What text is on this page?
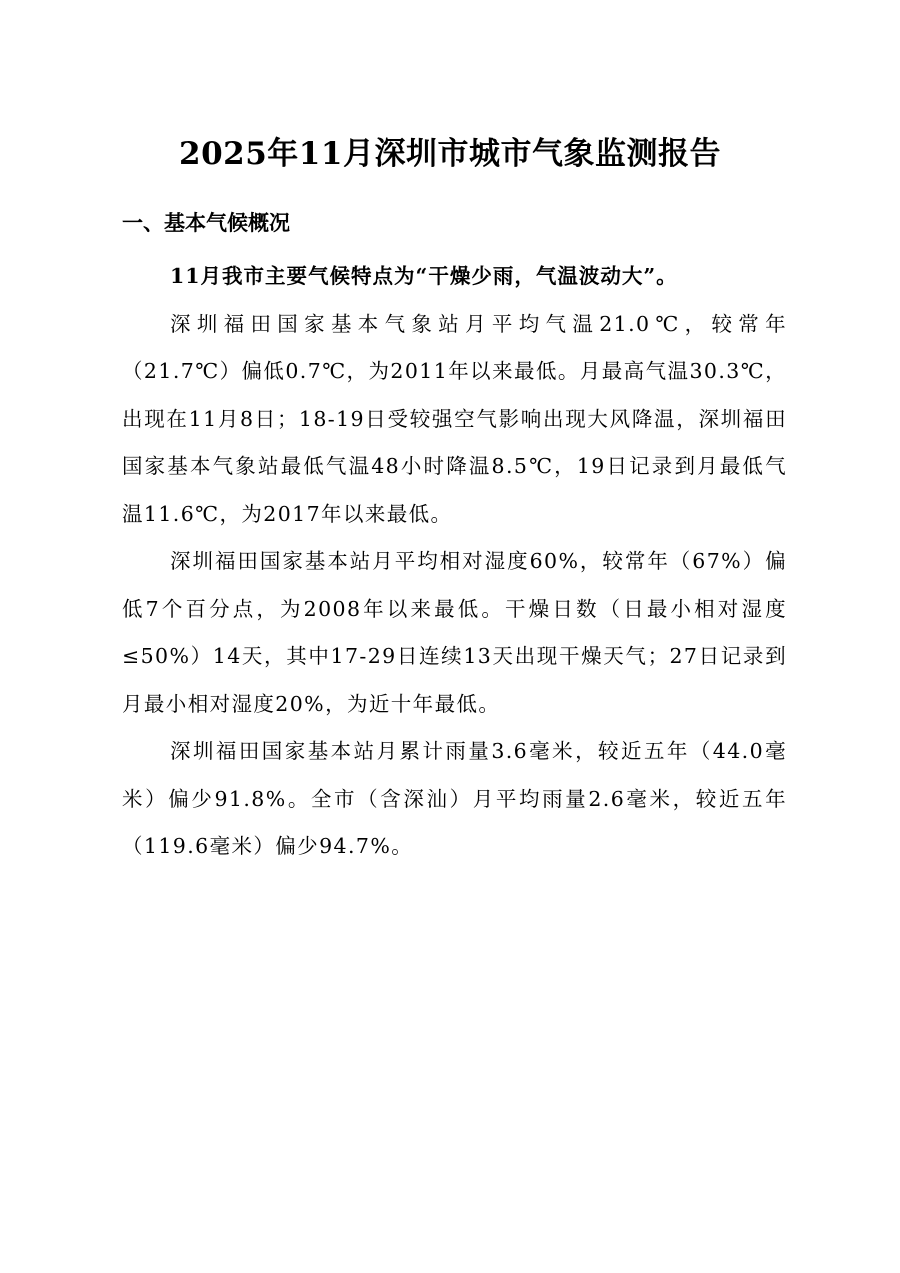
2025年11月深圳市城市气象监测报告
一、基本气候概况

11月我市主要气候特点为“干燥少雨，气温波动大”。

深圳福田国家基本气象站月平均气温21.0℃，较常年（21.7℃）偏低0.7℃，为2011年以来最低。月最高气温30.3℃，出现在11月8日；18-19日受较强空气影响出现大风降温，深圳福田国家基本气象站最低气温48小时降温8.5℃，19日记录到月最低气温11.6℃，为2017年以来最低。

深圳福田国家基本站月平均相对湿度60%，较常年（67%）偏低7个百分点，为2008年以来最低。干燥日数（日最小相对湿度≤50%）14天，其中17-29日连续13天出现干燥天气；27日记录到月最小相对湿度20%，为近十年最低。

深圳福田国家基本站月累计雨量3.6毫米，较近五年（44.0毫米）偏少91.8%。全市（含深汕）月平均雨量2.6毫米，较近五年（119.6毫米）偏少94.7%。
